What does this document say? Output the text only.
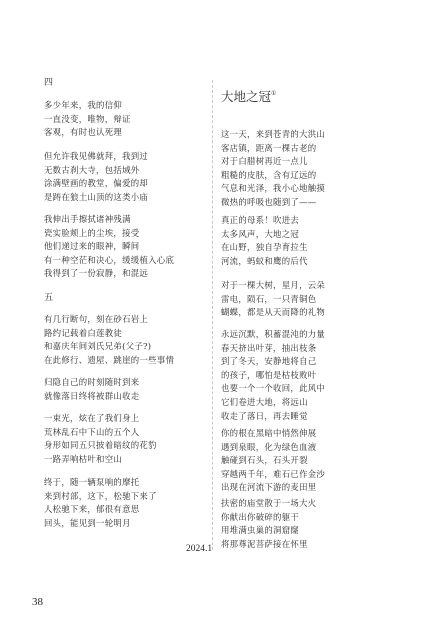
四
多少年来，我的信仰
一直没变，唯物，辩证
客观，有时也认死理
但允许我见佛就拜，我到过
无数古刹大寺，包括域外
涂满壁画的教堂，偏爱的却
是踌在狼土山顶的这类小庙
我伸出手擦拭诸神残满
瓷实脸颊上的尘埃，接受
他们递过来的眼神，瞬间
有一种空茫和决心，缓缓植入心底
我得到了一份寂静，和混远
五
有几行断句，刻在砂石岩上
路约记载着白莲教徒
和嘉庆年间刘氏兄弟(父子?)
在此修行、遗屋、跳崖的一些事情
归隐自己的时刻随时到来
就像落日终将被群山收走
一束光，炫在了我们身上
荒林乱石中下山的五个人
身形如同五只披着暗纹的花豹
一路弄响枯叶和空山
终于，随一辆泵响的摩托
来到村部，这下，松驰下来了
人松驰下来，郁很有意思
回头，能见到一轮明月
2024.1
大地之冠①
这一天，来到苍青的大洪山
客店镇，距离一棵古老的
对于白腊树再近一点儿
粗糙的皮肤，含有辽远的
气息和光泽，我小心地触摸
微热的呼吸也随到了——
真正的母系！吹进去
太多风声，大地之冠
在山野，独自孕育拉生
河流，蚂蚁和鹰的后代
对于一棵大树，星月，云朵
雷电，陨石，一只青铜色
蝴蝶，都是从天而降的礼物
永远沉默，积蓄混沌的力量
春天挤出叶芽，抽出枝条
到了冬天，安静地将自己
的孩子，哪怕是枯枝败叶
也要一个一个收回，此风中
它们卷进大地，将远山
收走了落日，再去睡觉
你的根在黑暗中悄然伸展
遇到泉眼，化为绿色血液
触碰到石头，石头开裂
穿越两千年，难石已作金沙
出现在河流下游的麦田里
扶密的庙堂散于一场大火
你献出你破碎的躯干
用堆满虫巢的洞窟窿
将那尊泥菩萨接在怀里
38
